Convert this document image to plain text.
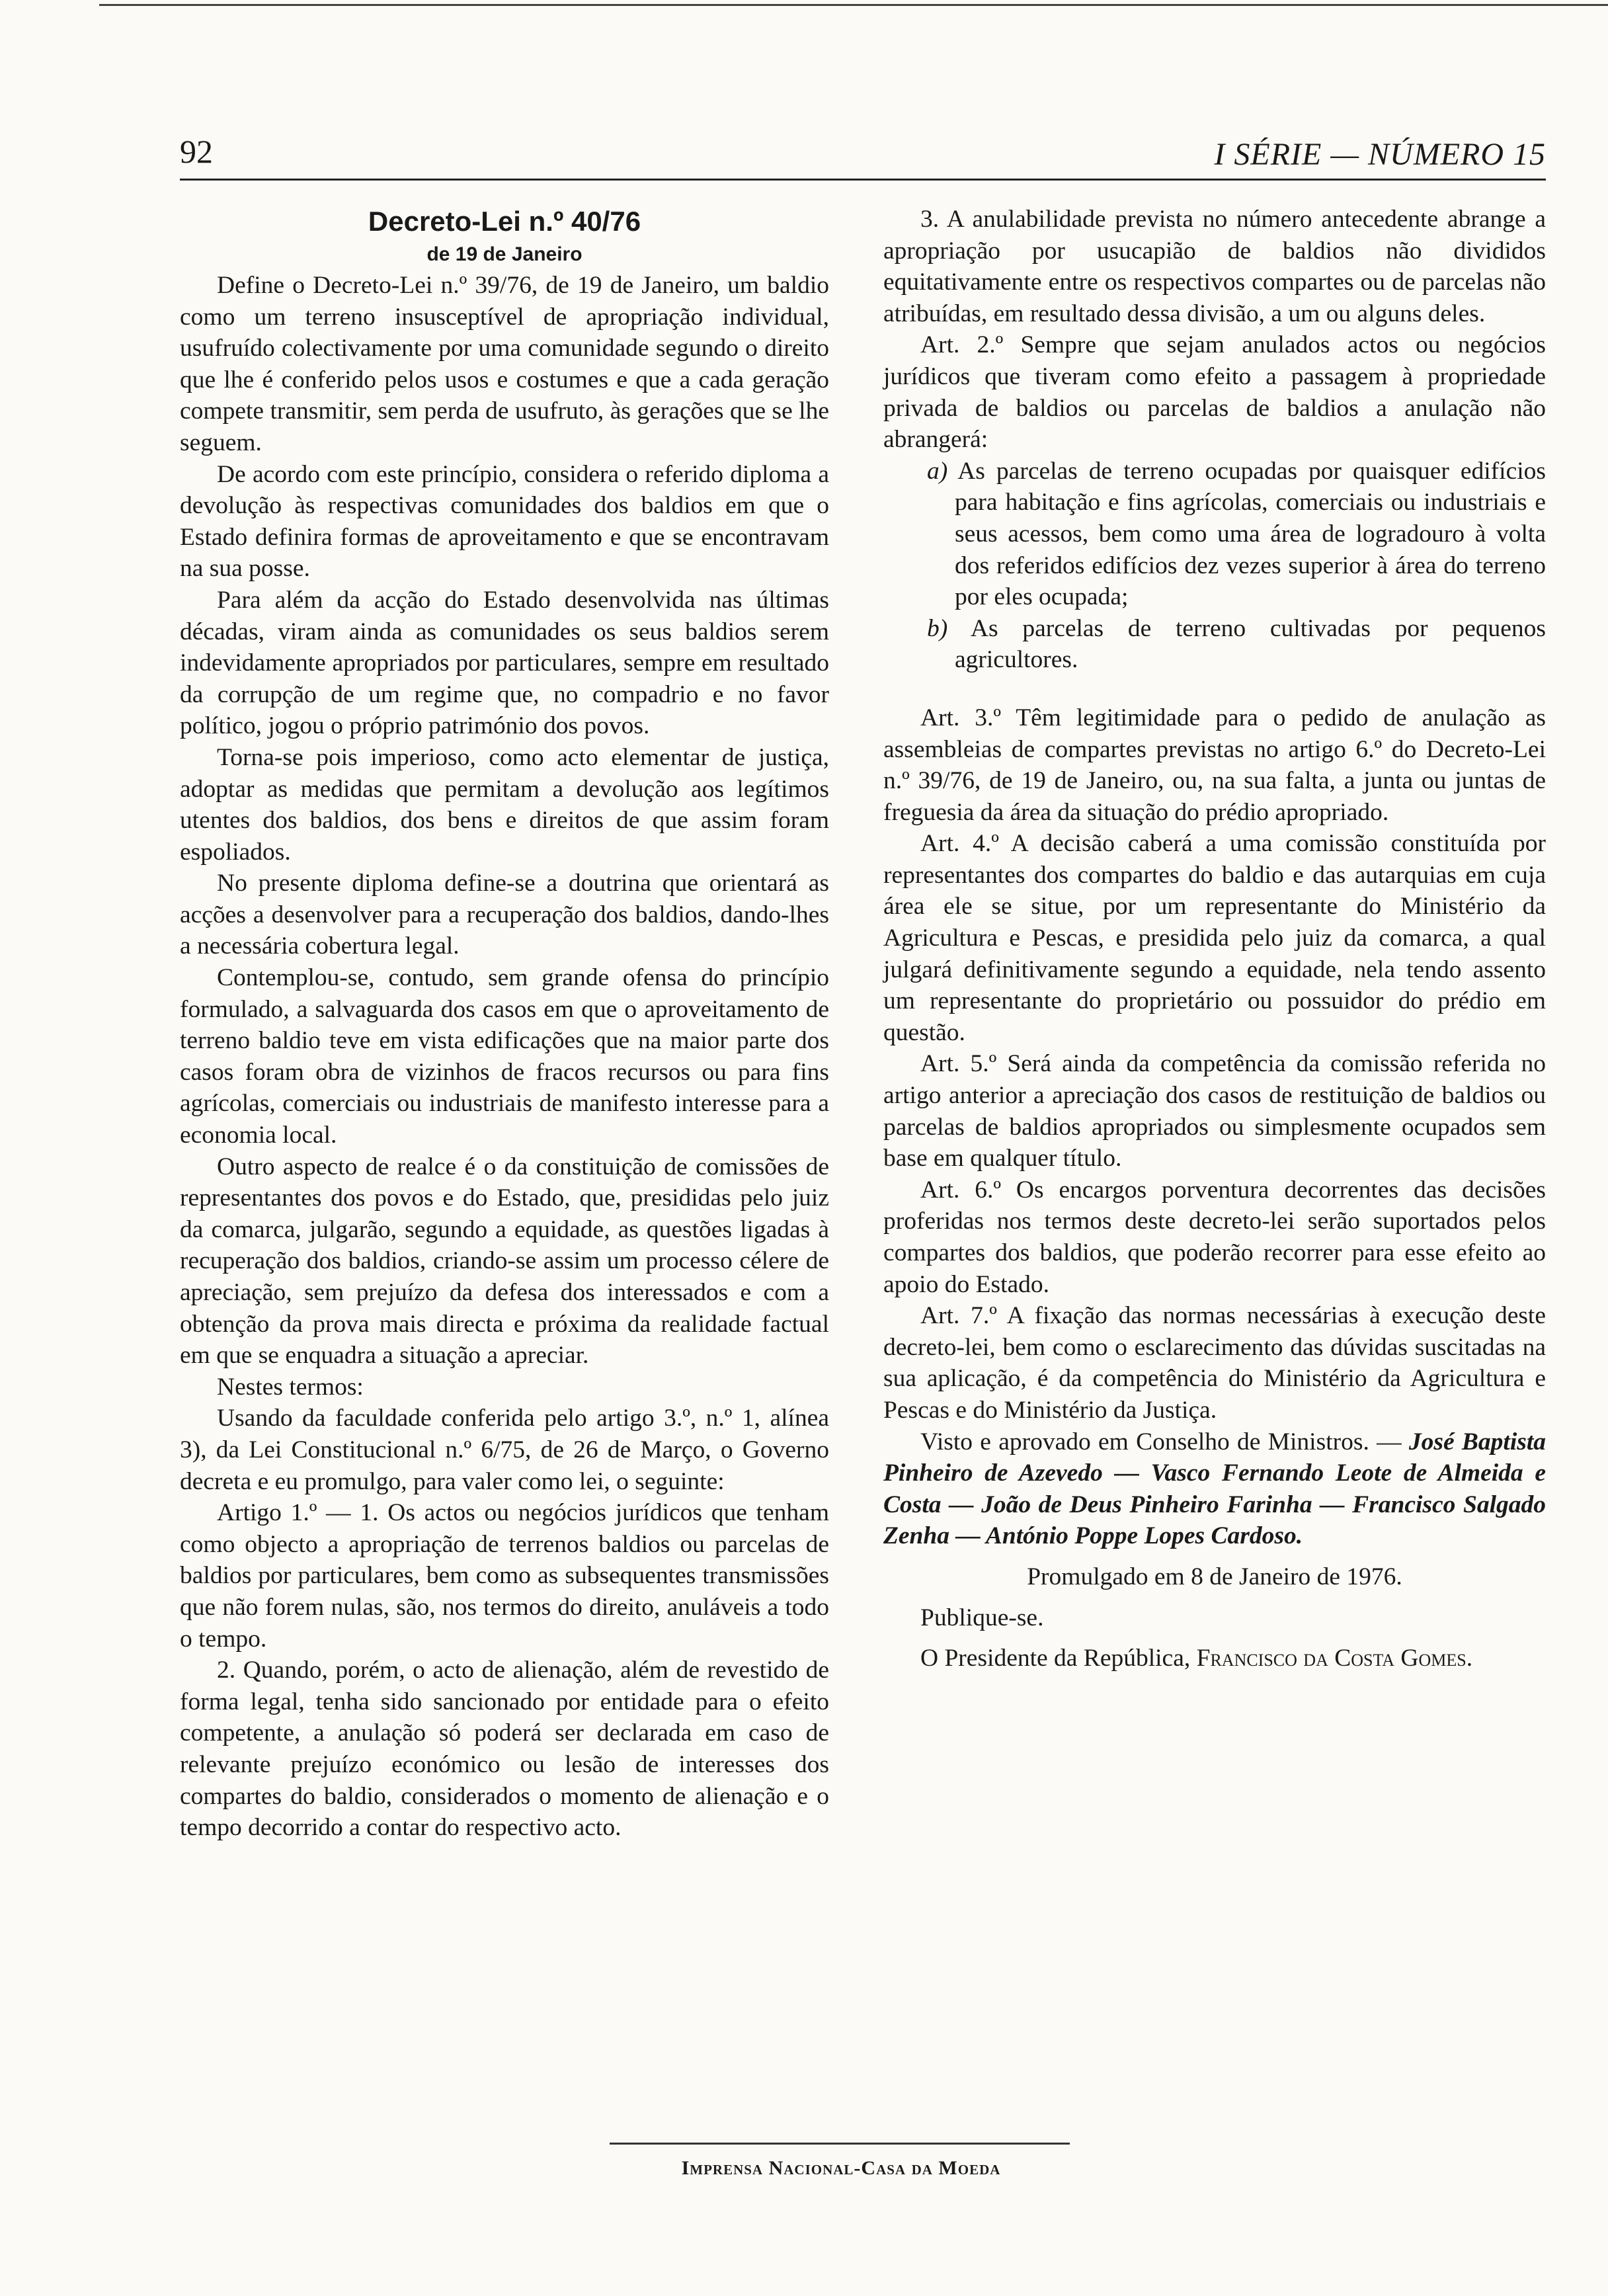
92	I SÉRIE — NÚMERO 15

Decreto-Lei n.º 40/76

de 19 de Janeiro

Define o Decreto-Lei n.º 39/76, de 19 de Janeiro, um baldio como um terreno insusceptível de apropriação individual, usufruído colectivamente por uma comunidade segundo o direito que lhe é conferido pelos usos e costumes e que a cada geração compete transmitir, sem perda de usufruto, às gerações que se lhe seguem.

De acordo com este princípio, considera o referido diploma a devolução às respectivas comunidades dos baldios em que o Estado definira formas de aproveitamento e que se encontravam na sua posse.

Para além da acção do Estado desenvolvida nas últimas décadas, viram ainda as comunidades os seus baldios serem indevidamente apropriados por particulares, sempre em resultado da corrupção de um regime que, no compadrio e no favor político, jogou o próprio património dos povos.

Torna-se pois imperioso, como acto elementar de justiça, adoptar as medidas que permitam a devolução aos legítimos utentes dos baldios, dos bens e direitos de que assim foram espoliados.

No presente diploma define-se a doutrina que orientará as acções a desenvolver para a recuperação dos baldios, dando-lhes a necessária cobertura legal.

Contemplou-se, contudo, sem grande ofensa do princípio formulado, a salvaguarda dos casos em que o aproveitamento de terreno baldio teve em vista edificações que na maior parte dos casos foram obra de vizinhos de fracos recursos ou para fins agrícolas, comerciais ou industriais de manifesto interesse para a economia local.

Outro aspecto de realce é o da constituição de comissões de representantes dos povos e do Estado, que, presididas pelo juiz da comarca, julgarão, segundo a equidade, as questões ligadas à recuperação dos baldios, criando-se assim um processo célere de apreciação, sem prejuízo da defesa dos interessados e com a obtenção da prova mais directa e próxima da realidade factual em que se enquadra a situação a apreciar.

Nestes termos:

Usando da faculdade conferida pelo artigo 3.º, n.º 1, alínea 3), da Lei Constitucional n.º 6/75, de 26 de Março, o Governo decreta e eu promulgo, para valer como lei, o seguinte:

Artigo 1.º — 1. Os actos ou negócios jurídicos que tenham como objecto a apropriação de terrenos baldios ou parcelas de baldios por particulares, bem como as subsequentes transmissões que não forem nulas, são, nos termos do direito, anuláveis a todo o tempo.

2. Quando, porém, o acto de alienação, além de revestido de forma legal, tenha sido sancionado por entidade para o efeito competente, a anulação só poderá ser declarada em caso de relevante prejuízo económico ou lesão de interesses dos compartes do baldio, considerados o momento de alienação e o tempo decorrido a contar do respectivo acto.

3. A anulabilidade prevista no número antecedente abrange a apropriação por usucapião de baldios não divididos equitativamente entre os respectivos compartes ou de parcelas não atribuídas, em resultado dessa divisão, a um ou alguns deles.

Art. 2.º Sempre que sejam anulados actos ou negócios jurídicos que tiveram como efeito a passagem à propriedade privada de baldios ou parcelas de baldios a anulação não abrangerá:

a) As parcelas de terreno ocupadas por quaisquer edifícios para habitação e fins agrícolas, comerciais ou industriais e seus acessos, bem como uma área de logradouro à volta dos referidos edifícios dez vezes superior à área do terreno por eles ocupada;

b) As parcelas de terreno cultivadas por pequenos agricultores.

Art. 3.º Têm legitimidade para o pedido de anulação as assembleias de compartes previstas no artigo 6.º do Decreto-Lei n.º 39/76, de 19 de Janeiro, ou, na sua falta, a junta ou juntas de freguesia da área da situação do prédio apropriado.

Art. 4.º A decisão caberá a uma comissão constituída por representantes dos compartes do baldio e das autarquias em cuja área ele se situe, por um representante do Ministério da Agricultura e Pescas, e presidida pelo juiz da comarca, a qual julgará definitivamente segundo a equidade, nela tendo assento um representante do proprietário ou possuidor do prédio em questão.

Art. 5.º Será ainda da competência da comissão referida no artigo anterior a apreciação dos casos de restituição de baldios ou parcelas de baldios apropriados ou simplesmente ocupados sem base em qualquer título.

Art. 6.º Os encargos porventura decorrentes das decisões proferidas nos termos deste decreto-lei serão suportados pelos compartes dos baldios, que poderão recorrer para esse efeito ao apoio do Estado.

Art. 7.º A fixação das normas necessárias à execução deste decreto-lei, bem como o esclarecimento das dúvidas suscitadas na sua aplicação, é da competência do Ministério da Agricultura e Pescas e do Ministério da Justiça.

Visto e aprovado em Conselho de Ministros. — José Baptista Pinheiro de Azevedo — Vasco Fernando Leote de Almeida e Costa — João de Deus Pinheiro Farinha — Francisco Salgado Zenha — António Poppe Lopes Cardoso.

Promulgado em 8 de Janeiro de 1976.

Publique-se.

O Presidente da República, Francisco da Costa Gomes.

Imprensa Nacional-Casa da Moeda
